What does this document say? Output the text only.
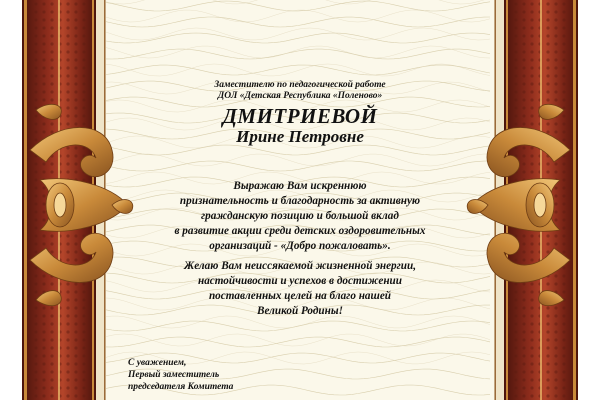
Заместителю по педагогической работе
ДОЛ «Детская Республика «Поленово»
ДМИТРИЕВОЙ
Ирине Петровне
Выражаю Вам искреннюю
признательность и благодарность за активную
гражданскую позицию и большой вклад
в развитие акции среди детских оздоровительных
организаций - «Добро пожаловать».
Желаю Вам неиссякаемой жизненной энергии,
настойчивости и успехов в достижении
поставленных целей на благо нашей
Великой Родины!
С уважением,
Первый заместитель
председателя Комитета
